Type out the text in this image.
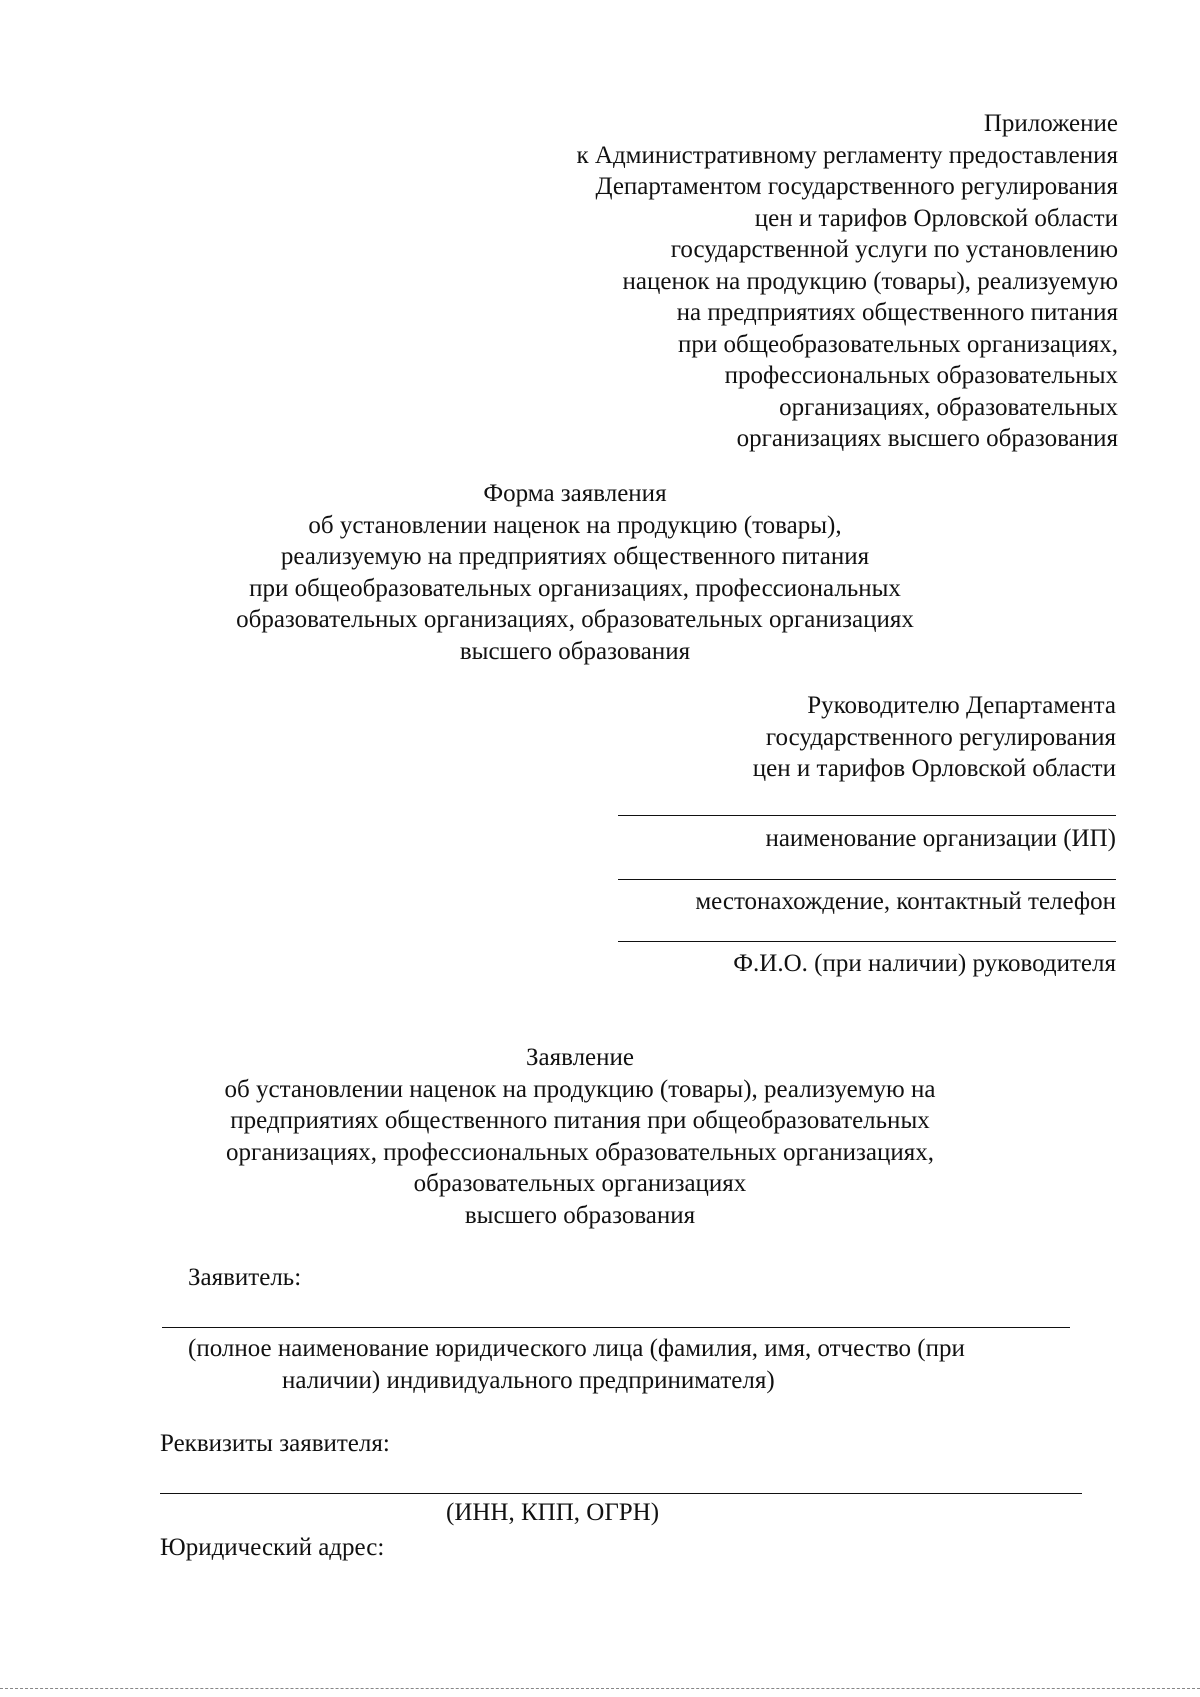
Приложение
к Административному регламенту предоставления
Департаментом государственного регулирования
цен и тарифов Орловской области
государственной услуги по установлению
наценок на продукцию (товары), реализуемую
на предприятиях общественного питания
при общеобразовательных организациях,
профессиональных образовательных
организациях, образовательных
организациях высшего образования
Форма заявления
об установлении наценок на продукцию (товары),
реализуемую на предприятиях общественного питания
при общеобразовательных организациях, профессиональных
образовательных организациях, образовательных организациях
высшего образования
Руководителю Департамента
государственного регулирования
цен и тарифов Орловской области
наименование организации (ИП)
местонахождение, контактный телефон
Ф.И.О. (при наличии) руководителя
Заявление
об установлении наценок на продукцию (товары), реализуемую на
предприятиях общественного питания при общеобразовательных
организациях, профессиональных образовательных организациях,
образовательных организациях
высшего образования
Заявитель:
(полное наименование юридического лица (фамилия, имя, отчество (при
наличии) индивидуального предпринимателя)
Реквизиты заявителя:
(ИНН, КПП, ОГРН)
Юридический адрес:
